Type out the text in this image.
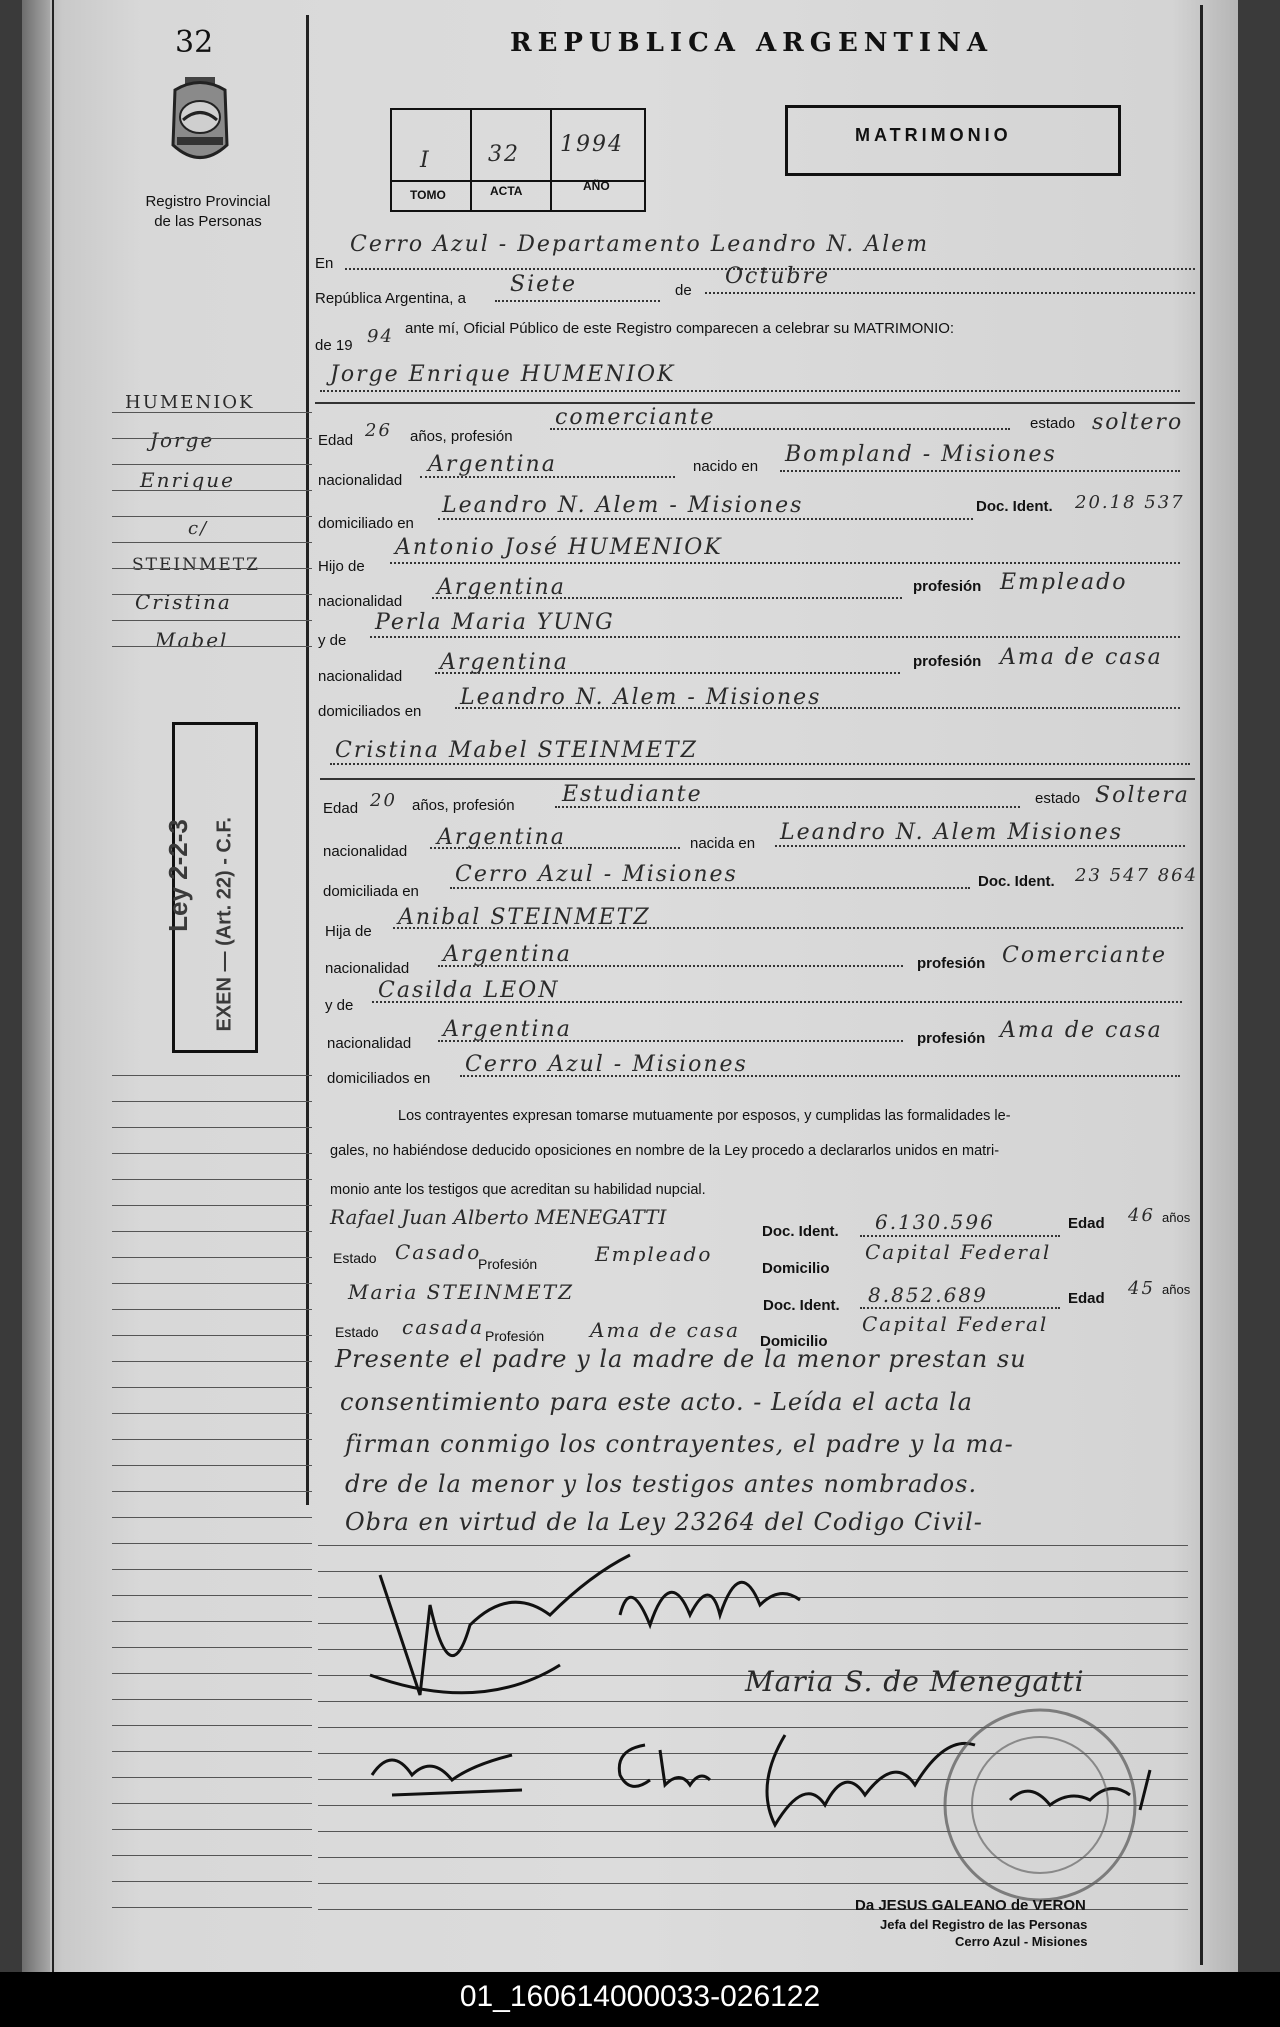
32
Registro Provincial
de las Personas
REPUBLICA ARGENTINA
I	32 1994
TOMO	ACTA	AÑO
MATRIMONIO
En
Cerro Azul - Departamento Leandro N. Alem
República Argentina, a
Siete	de
Octubre
de 19 94 ante mí, Oficial Público de este Registro comparecen a celebrar su MATRIMONIO:
Jorge Enrique HUMENIOK
Edad 26 años, profesión
comerciante	estado soltero
nacionalidad
Argentina	nacido en Bompland - Misiones
domiciliado en
Leandro N. Alem - Misiones	Doc. Ident. 20.18 537
Hijo de
Antonio José HUMENIOK
nacionalidad
Argentina	profesión Empleado
y de
Perla Maria YUNG
nacionalidad
Argentina	profesión Ama de casa
domiciliados en
Leandro N. Alem - Misiones
Cristina Mabel STEINMETZ
Edad 20 años, profesión Estudiante	estado Soltera
nacionalidad
Argentina	nacida en Leandro N. Alem Misiones
domiciliada en
Cerro Azul - Misiones	Doc. Ident. 23 547 864
Hija de
Anibal STEINMETZ
nacionalidad
Argentina	profesión Comerciante
y de
Casilda LEON
nacionalidad
Argentina	profesión Ama de casa
domiciliados en
Cerro Azul - Misiones
Los contrayentes expresan tomarse mutuamente por esposos, y cumplidas las formalidades le-
gales, no habiéndose deducido oposiciones en nombre de la Ley procedo a declararlos unidos en matri-
monio ante los testigos que acreditan su habilidad nupcial.
Rafael Juan Alberto MENEGATTI
Doc. Ident. 6.130.596	Edad 46 años
Estado Casado
Profesión	Empleado
Domicilio
Capital Federal
Maria STEINMETZ
Doc. Ident. 8.852.689	Edad 45 años
Estado casada Profesión Ama de casa Domicilio
Capital Federal
Presente el padre y la madre de la menor prestan su
consentimiento para este acto. - Leída el acta la
firman conmigo los contrayentes, el padre y la ma-
dre de la menor y los testigos antes nombrados.
Obra en virtud de la Ley 23264 del Codigo Civil-
HUMENIOK
Jorge
Enrique
c/
STEINMETZ
Cristina
Mabel
Ley 2-2-3 EXEN — (Art. 22) - C.F.
Maria S. de Menegatti
Da JESUS GALEANO de VERON
Jefa del Registro de las Personas
Cerro Azul - Misiones
01_160614000033-026122
